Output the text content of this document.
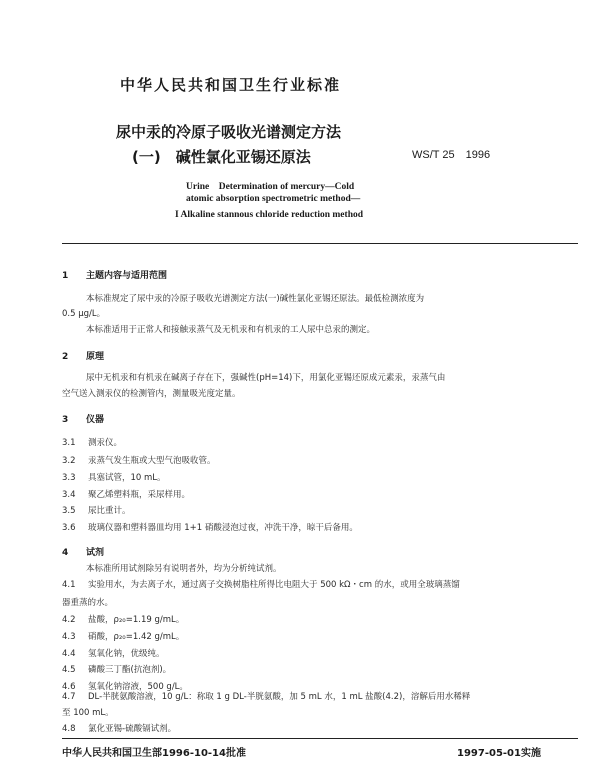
中华人民共和国卫生行业标准
尿中汞的冷原子吸收光谱测定方法
(一)　碱性氯化亚锡还原法	WS/T 25　1996
Urine　Determination of mercury—Cold
atomic absorption spectrometric method—
I Alkaline stannous chloride reduction method
1 主题内容与适用范围
本标准规定了尿中汞的冷原子吸收光谱测定方法(一)碱性氯化亚锡还原法。最低检测浓度为
0.5 μg/L。
本标准适用于正常人和接触汞蒸气及无机汞和有机汞的工人尿中总汞的测定。
2 原理
尿中无机汞和有机汞在碱离子存在下，强碱性(pH=14)下，用氯化亚锡还原成元素汞，汞蒸气由
空气送入测汞仪的检测管内，测量吸光度定量。
3 仪器
3.1 测汞仪。
3.2 汞蒸气发生瓶或大型气泡吸收管。
3.3 具塞试管，10 mL。
3.4 聚乙烯塑料瓶，采尿样用。
3.5 尿比重计。
3.6 玻璃仪器和塑料器皿均用 1+1 硝酸浸泡过夜，冲洗干净，晾干后备用。
4 试剂
本标准所用试剂除另有说明者外，均为分析纯试剂。
4.1 实验用水，为去离子水，通过离子交换树脂柱所得比电阻大于 500 kΩ・cm 的水，或用全玻璃蒸馏
器重蒸的水。
4.2 盐酸，ρ₂₀=1.19 g/mL。
4.3 硝酸，ρ₂₀=1.42 g/mL。
4.4 氢氧化钠，优级纯。
4.5 磷酸三丁酯(抗泡剂)。
4.6 氢氧化钠溶液，500 g/L。
4.7 DL-半胱氨酸溶液，10 g/L：称取 1 g DL-半胱氨酸，加 5 mL 水，1 mL 盐酸(4.2)，溶解后用水稀释
至 100 mL。
4.8 氯化亚锡-硫酸镉试剂。
中华人民共和国卫生部1996-10-14批准	1997-05-01实施
